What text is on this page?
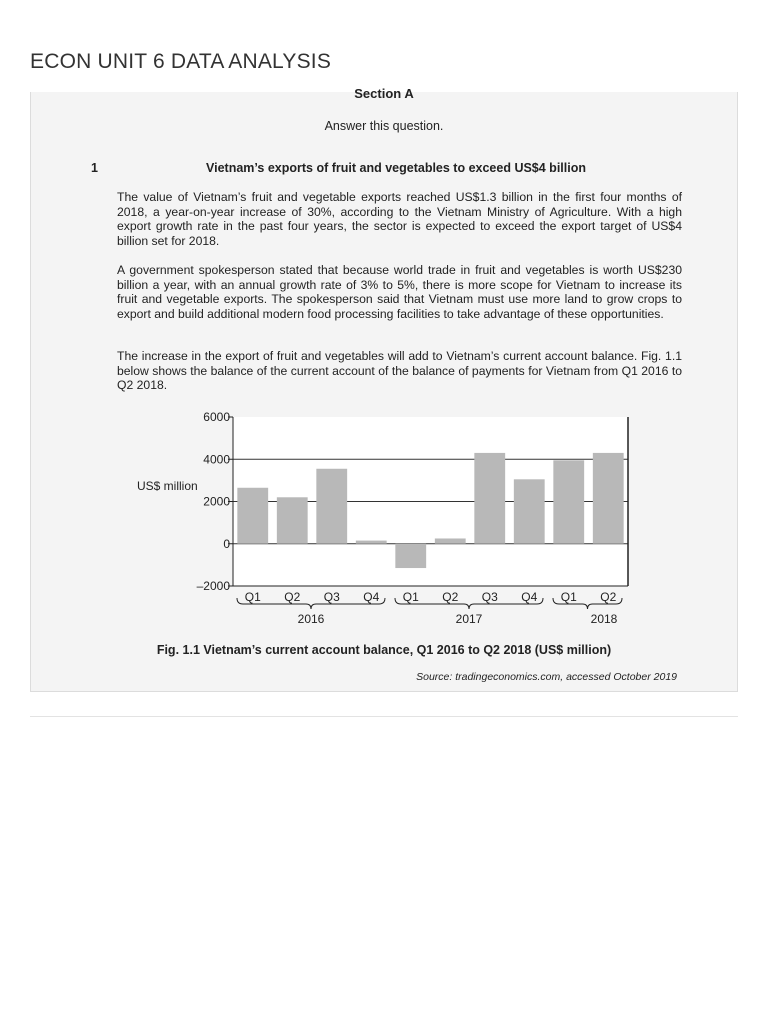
ECON UNIT 6 DATA ANALYSIS
Section A
Answer this question.
1	Vietnam’s exports of fruit and vegetables to exceed US$4 billion
The value of Vietnam’s fruit and vegetable exports reached US$1.3 billion in the first four months of 2018, a year-on-year increase of 30%, according to the Vietnam Ministry of Agriculture. With a high export growth rate in the past four years, the sector is expected to exceed the export target of US$4 billion set for 2018.
A government spokesperson stated that because world trade in fruit and vegetables is worth US$230 billion a year, with an annual growth rate of 3% to 5%, there is more scope for Vietnam to increase its fruit and vegetable exports. The spokesperson said that Vietnam must use more land to grow crops to export and build additional modern food processing facilities to take advantage of these opportunities.
The increase in the export of fruit and vegetables will add to Vietnam’s current account balance. Fig. 1.1 below shows the balance of the current account of the balance of payments for Vietnam from Q1 2016 to Q2 2018.
6000
4000
2000
0
–2000
Q1 Q2 Q3 Q4 Q1 Q2 Q3 Q4 Q1 Q2
US$ million
2016	2017	2018
Fig. 1.1 Vietnam’s current account balance, Q1 2016 to Q2 2018 (US$ million)
Source: tradingeconomics.com, accessed October 2019
